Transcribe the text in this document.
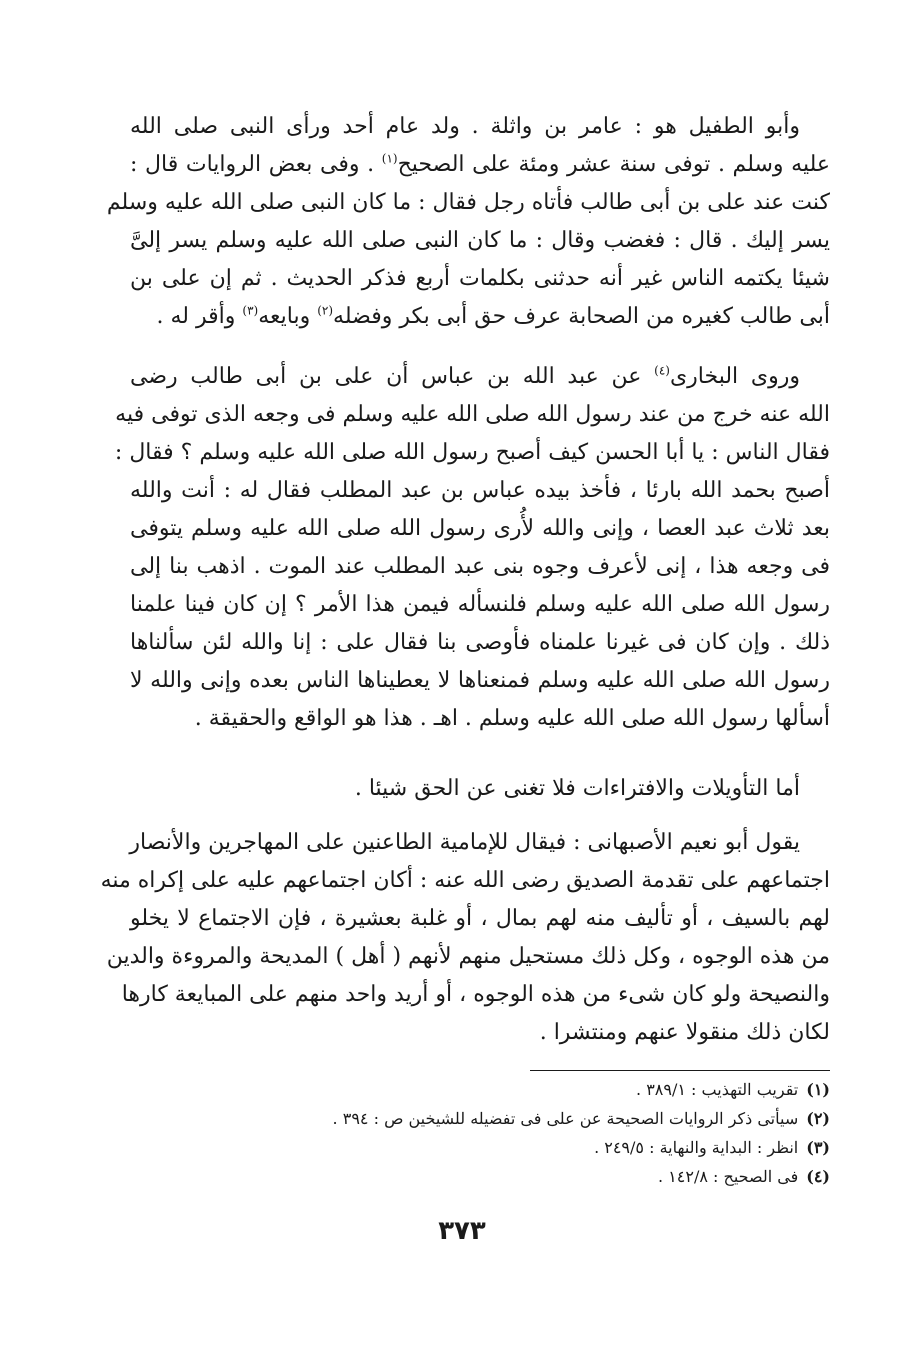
وأبو الطفيل هو : عامر بن واثلة . ولد عام أحد ورأى النبى صلى الله
عليه وسلم . توفى سنة عشر ومئة على الصحيح$^{(١)}$ . وفى بعض الروايات قال :
كنت عند على بن أبى طالب فأتاه رجل فقال : ما كان النبى صلى الله عليه وسلم
يسر إليك . قال : فغضب وقال : ما كان النبى صلى الله عليه وسلم يسر إلىَّ
شيئا يكتمه الناس غير أنه حدثنى بكلمات أربع فذكر الحديث . ثم إن على بن
أبى طالب كغيره من الصحابة عرف حق أبى بكر وفضله$^{(٢)}$ وبايعه$^{(٣)}$ وأقر له .
وروى البخارى$^{(٤)}$ عن عبد الله بن عباس أن على بن أبى طالب رضى
الله عنه خرج من عند رسول الله صلى الله عليه وسلم فى وجعه الذى توفى فيه
فقال الناس : يا أبا الحسن كيف أصبح رسول الله صلى الله عليه وسلم ؟ فقال :
أصبح بحمد الله بارئا ، فأخذ بيده عباس بن عبد المطلب فقال له : أنت والله
بعد ثلاث عبد العصا ، وإنى والله لأُرى رسول الله صلى الله عليه وسلم يتوفى
فى وجعه هذا ، إنى لأعرف وجوه بنى عبد المطلب عند الموت . اذهب بنا إلى
رسول الله صلى الله عليه وسلم فلنسأله فيمن هذا الأمر ؟ إن كان فينا علمنا
ذلك . وإن كان فى غيرنا علمناه فأوصى بنا فقال على : إنا والله لئن سألناها
رسول الله صلى الله عليه وسلم فمنعناها لا يعطيناها الناس بعده وإنى والله لا
أسألها رسول الله صلى الله عليه وسلم . اهـ . هذا هو الواقع والحقيقة .
أما التأويلات والافتراءات فلا تغنى عن الحق شيئا .
يقول أبو نعيم الأصبهانى : فيقال للإمامية الطاعنين على المهاجرين والأنصار
اجتماعهم على تقدمة الصديق رضى الله عنه : أكان اجتماعهم عليه على إكراه منه
لهم بالسيف ، أو تأليف منه لهم بمال ، أو غلبة بعشيرة ، فإن الاجتماع لا يخلو
من هذه الوجوه ، وكل ذلك مستحيل منهم لأنهم ( أهل ) المديحة والمروءة والدين
والنصيحة ولو كان شىء من هذه الوجوه ، أو أريد واحد منهم على المبايعة كارها
لكان ذلك منقولا عنهم ومنتشرا .
(١)تقريب التهذيب : ٣٨٩/١ .
(٢)سيأتى ذكر الروايات الصحيحة عن على فى تفضيله للشيخين ص : ٣٩٤ .
(٣)انظر : البداية والنهاية : ٢٤٩/٥ .
(٤)فى الصحيح : ١٤٢/٨ .
٣٧٣
